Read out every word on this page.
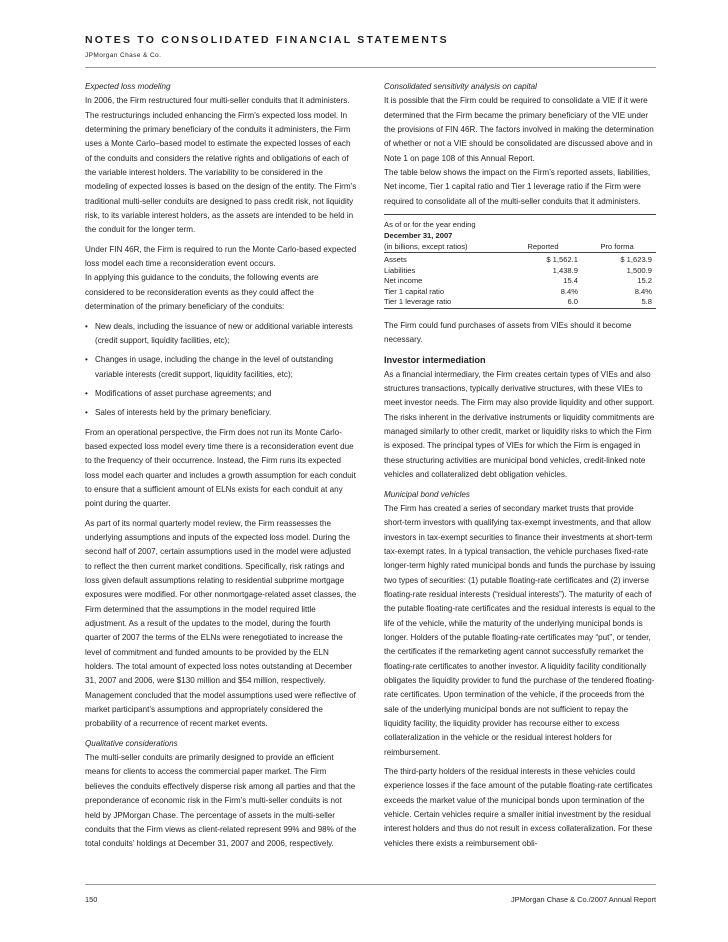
NOTES TO CONSOLIDATED FINANCIAL STATEMENTS
JPMorgan Chase & Co.

Expected loss modeling

In 2006, the Firm restructured four multi-seller conduits that it administers. The restructurings included enhancing the Firm’s expected loss model. In determining the primary beneficiary of the conduits it administers, the Firm uses a Monte Carlo–based model to estimate the expected losses of each of the conduits and considers the relative rights and obligations of each of the variable interest holders. The variability to be considered in the modeling of expected losses is based on the design of the entity. The Firm’s traditional multi-seller conduits are designed to pass credit risk, not liquidity risk, to its variable interest holders, as the assets are intended to be held in the conduit for the longer term.

Under FIN 46R, the Firm is required to run the Monte Carlo-based expected loss model each time a reconsideration event occurs.

In applying this guidance to the conduits, the following events are considered to be reconsideration events as they could affect the determination of the primary beneficiary of the conduits:

• New deals, including the issuance of new or additional variable interests (credit support, liquidity facilities, etc);
• Changes in usage, including the change in the level of outstanding variable interests (credit support, liquidity facilities, etc);
• Modifications of asset purchase agreements; and
• Sales of interests held by the primary beneficiary.

From an operational perspective, the Firm does not run its Monte Carlo-based expected loss model every time there is a reconsideration event due to the frequency of their occurrence. Instead, the Firm runs its expected loss model each quarter and includes a growth assumption for each conduit to ensure that a sufficient amount of ELNs exists for each conduit at any point during the quarter.

As part of its normal quarterly model review, the Firm reassesses the underlying assumptions and inputs of the expected loss model. During the second half of 2007, certain assumptions used in the model were adjusted to reflect the then current market conditions. Specifically, risk ratings and loss given default assumptions relating to residential subprime mortgage exposures were modified. For other nonmortgage-related asset classes, the Firm determined that the assumptions in the model required little adjustment. As a result of the updates to the model, during the fourth quarter of 2007 the terms of the ELNs were renegotiated to increase the level of commitment and funded amounts to be provided by the ELN holders. The total amount of expected loss notes outstanding at December 31, 2007 and 2006, were $130 million and $54 million, respectively. Management concluded that the model assumptions used were reflective of market participant’s assumptions and appropriately considered the probability of a recurrence of recent market events.

Qualitative considerations

The multi-seller conduits are primarily designed to provide an efficient means for clients to access the commercial paper market. The Firm believes the conduits effectively disperse risk among all parties and that the preponderance of economic risk in the Firm’s multi-seller conduits is not held by JPMorgan Chase. The percentage of assets in the multi-seller conduits that the Firm views as client-related represent 99% and 98% of the total conduits’ holdings at December 31, 2007 and 2006, respectively.

Consolidated sensitivity analysis on capital

It is possible that the Firm could be required to consolidate a VIE if it were determined that the Firm became the primary beneficiary of the VIE under the provisions of FIN 46R. The factors involved in making the determination of whether or not a VIE should be consolidated are discussed above and in Note 1 on page 108 of this Annual Report.

The table below shows the impact on the Firm’s reported assets, liabilities, Net income, Tier 1 capital ratio and Tier 1 leverage ratio if the Firm were required to consolidate all of the multi-seller conduits that it administers.

As of or for the year ending
December 31, 2007
(in billions, except ratios)	Reported	Pro forma
Assets	$ 1,562.1	$ 1,623.9
Liabilities	1,438.9	1,500.9
Net income	15.4	15.2
Tier 1 capital ratio	8.4%	8.4%
Tier 1 leverage ratio	6.0	5.8

The Firm could fund purchases of assets from VIEs should it become necessary.

Investor intermediation

As a financial intermediary, the Firm creates certain types of VIEs and also structures transactions, typically derivative structures, with these VIEs to meet investor needs. The Firm may also provide liquidity and other support. The risks inherent in the derivative instruments or liquidity commitments are managed similarly to other credit, market or liquidity risks to which the Firm is exposed. The principal types of VIEs for which the Firm is engaged in these structuring activities are municipal bond vehicles, credit-linked note vehicles and collateralized debt obligation vehicles.

Municipal bond vehicles

The Firm has created a series of secondary market trusts that provide short-term investors with qualifying tax-exempt investments, and that allow investors in tax-exempt securities to finance their investments at short-term tax-exempt rates. In a typical transaction, the vehicle purchases fixed-rate longer-term highly rated municipal bonds and funds the purchase by issuing two types of securities: (1) putable floating-rate certificates and (2) inverse floating-rate residual interests (“residual interests”). The maturity of each of the putable floating-rate certificates and the residual interests is equal to the life of the vehicle, while the maturity of the underlying municipal bonds is longer. Holders of the putable floating-rate certificates may “put”, or tender, the certificates if the remarketing agent cannot successfully remarket the floating-rate certificates to another investor. A liquidity facility conditionally obligates the liquidity provider to fund the purchase of the tendered floating-rate certificates. Upon termination of the vehicle, if the proceeds from the sale of the underlying municipal bonds are not sufficient to repay the liquidity facility, the liquidity provider has recourse either to excess collateralization in the vehicle or the residual interest holders for reimbursement.

The third-party holders of the residual interests in these vehicles could experience losses if the face amount of the putable floating-rate certificates exceeds the market value of the municipal bonds upon termination of the vehicle. Certain vehicles require a smaller initial investment by the residual interest holders and thus do not result in excess collateralization. For these vehicles there exists a reimbursement obli-

150	JPMorgan Chase & Co./2007 Annual Report
